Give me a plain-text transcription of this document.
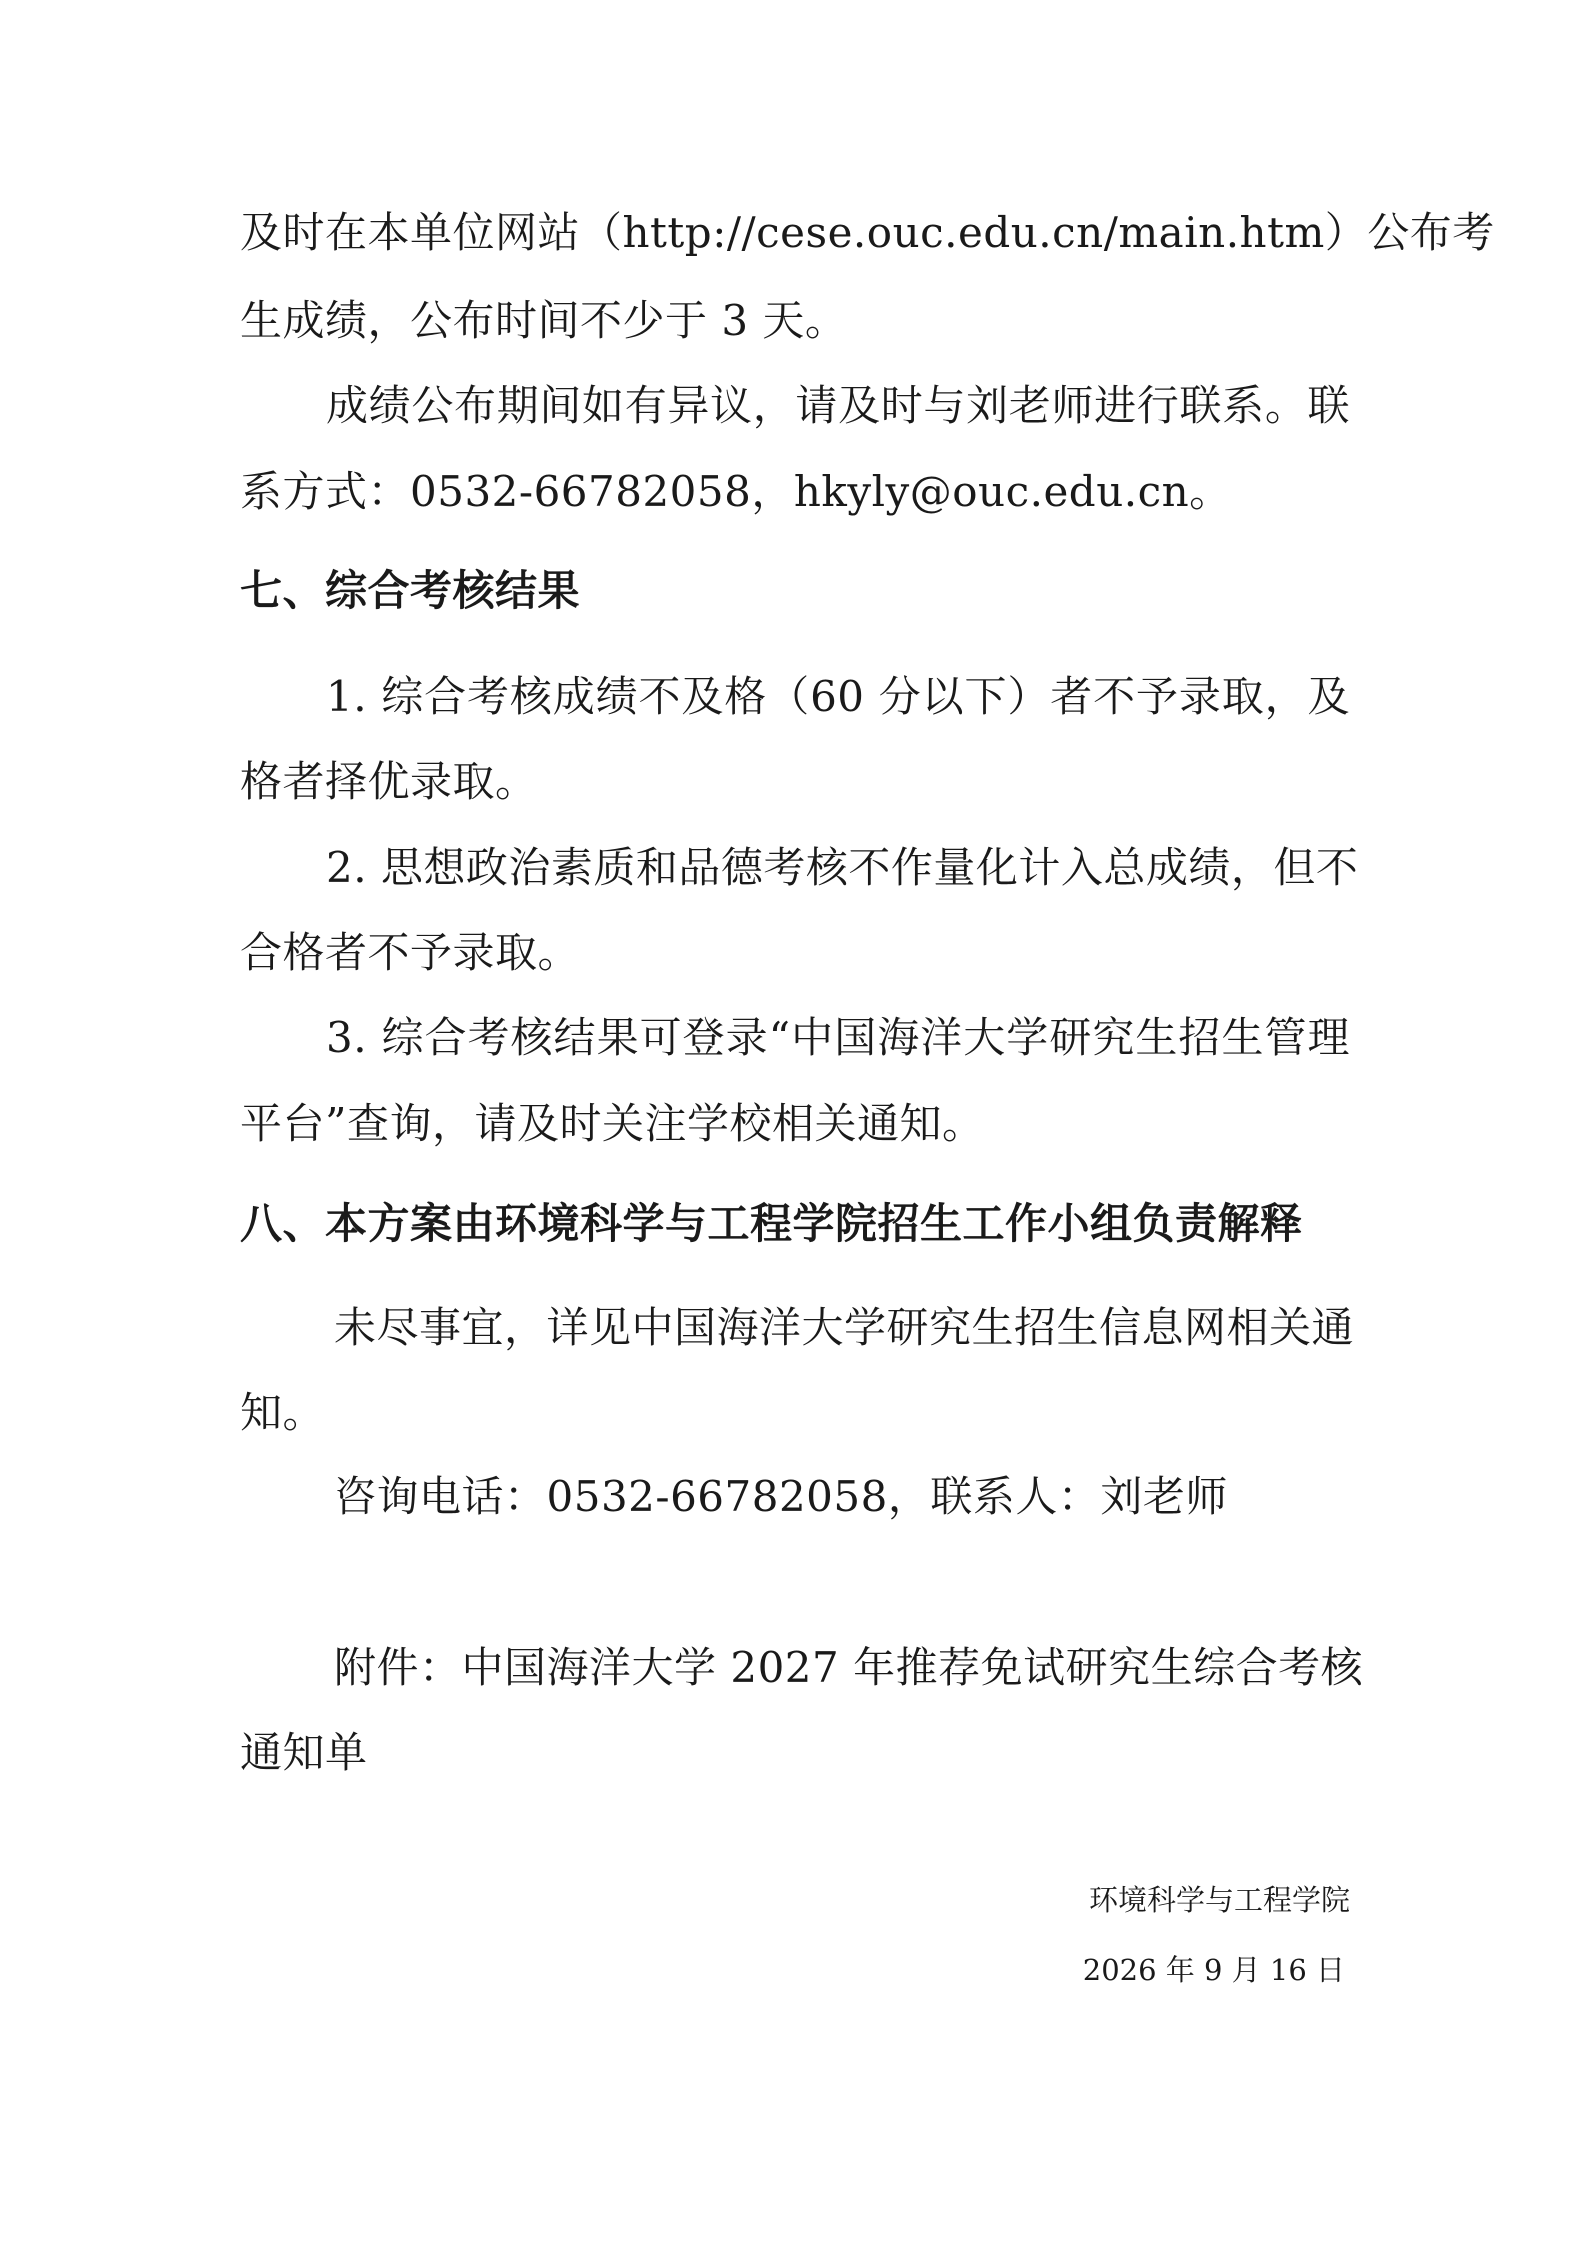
及时在本单位网站（http://cese.ouc.edu.cn/main.htm）公布考
生成绩，公布时间不少于 3 天。
成绩公布期间如有异议，请及时与刘老师进行联系。联
系方式：0532-66782058，hkyly@ouc.edu.cn。
七、综合考核结果
1. 综合考核成绩不及格（60 分以下）者不予录取，及
格者择优录取。
2. 思想政治素质和品德考核不作量化计入总成绩，但不
合格者不予录取。
3. 综合考核结果可登录“中国海洋大学研究生招生管理
平台”查询，请及时关注学校相关通知。
八、本方案由环境科学与工程学院招生工作小组负责解释
未尽事宜，详见中国海洋大学研究生招生信息网相关通
知。
咨询电话：0532-66782058，联系人：刘老师
附件：中国海洋大学 2027 年推荐免试研究生综合考核
通知单
环境科学与工程学院
2026 年 9 月 16 日
